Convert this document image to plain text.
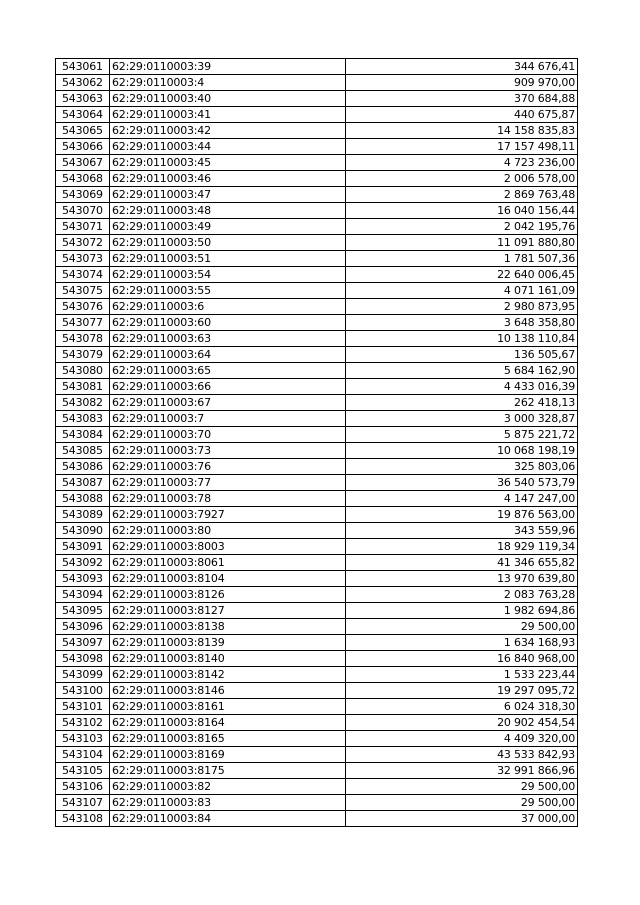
543061	62:29:0110003:39	344 676,41
543062	62:29:0110003:4	909 970,00
543063	62:29:0110003:40	370 684,88
543064	62:29:0110003:41	440 675,87
543065	62:29:0110003:42	14 158 835,83
543066	62:29:0110003:44	17 157 498,11
543067	62:29:0110003:45	4 723 236,00
543068	62:29:0110003:46	2 006 578,00
543069	62:29:0110003:47	2 869 763,48
543070	62:29:0110003:48	16 040 156,44
543071	62:29:0110003:49	2 042 195,76
543072	62:29:0110003:50	11 091 880,80
543073	62:29:0110003:51	1 781 507,36
543074	62:29:0110003:54	22 640 006,45
543075	62:29:0110003:55	4 071 161,09
543076	62:29:0110003:6	2 980 873,95
543077	62:29:0110003:60	3 648 358,80
543078	62:29:0110003:63	10 138 110,84
543079	62:29:0110003:64	136 505,67
543080	62:29:0110003:65	5 684 162,90
543081	62:29:0110003:66	4 433 016,39
543082	62:29:0110003:67	262 418,13
543083	62:29:0110003:7	3 000 328,87
543084	62:29:0110003:70	5 875 221,72
543085	62:29:0110003:73	10 068 198,19
543086	62:29:0110003:76	325 803,06
543087	62:29:0110003:77	36 540 573,79
543088	62:29:0110003:78	4 147 247,00
543089	62:29:0110003:7927	19 876 563,00
543090	62:29:0110003:80	343 559,96
543091	62:29:0110003:8003	18 929 119,34
543092	62:29:0110003:8061	41 346 655,82
543093	62:29:0110003:8104	13 970 639,80
543094	62:29:0110003:8126	2 083 763,28
543095	62:29:0110003:8127	1 982 694,86
543096	62:29:0110003:8138	29 500,00
543097	62:29:0110003:8139	1 634 168,93
543098	62:29:0110003:8140	16 840 968,00
543099	62:29:0110003:8142	1 533 223,44
543100	62:29:0110003:8146	19 297 095,72
543101	62:29:0110003:8161	6 024 318,30
543102	62:29:0110003:8164	20 902 454,54
543103	62:29:0110003:8165	4 409 320,00
543104	62:29:0110003:8169	43 533 842,93
543105	62:29:0110003:8175	32 991 866,96
543106	62:29:0110003:82	29 500,00
543107	62:29:0110003:83	29 500,00
543108	62:29:0110003:84	37 000,00
